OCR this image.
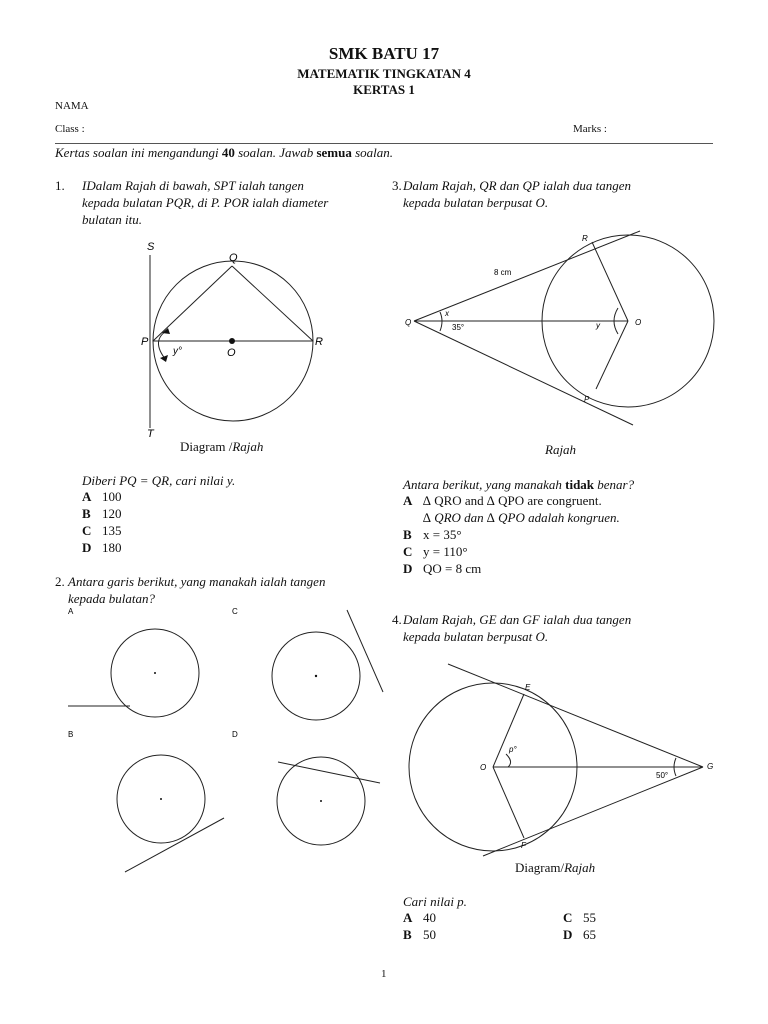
SMK BATU 17
MATEMATIK TINGKATAN 4
KERTAS 1
NAMA
Class :	Marks :
Kertas soalan ini mengandungi 40 soalan. Jawab semua soalan.
1. IDalam Rajah di bawah, SPT ialah tangen
kepada bulatan PQR, di P. POR ialah diameter
bulatan itu.
S
Q
P
O
R
T
y°
Diagram /Rajah
Diberi PQ = QR, cari nilai y.
A 100
B 120
C 135
D 180
2. Antara garis berikut, yang manakah ialah tangen
kepada bulatan?
A	C
B	D
3. Dalam Rajah, QR dan QP ialah dua tangen
kepada bulatan berpusat O.
R
8 cm
Q
x
35°	y	O
P
Rajah
Antara berikut, yang manakah tidak benar?
A ∆ QRO and ∆ QPO are congruent.
∆ QRO dan ∆ QPO adalah kongruen.
B x = 35°
C y = 110°
D QO = 8 cm
4. Dalam Rajah, GE dan GF ialah dua tangen
kepada bulatan berpusat O.
E
O
p°
50°
G
F
Diagram/Rajah
Cari nilai p.
A 40	C 55
B 50	D 65
1
